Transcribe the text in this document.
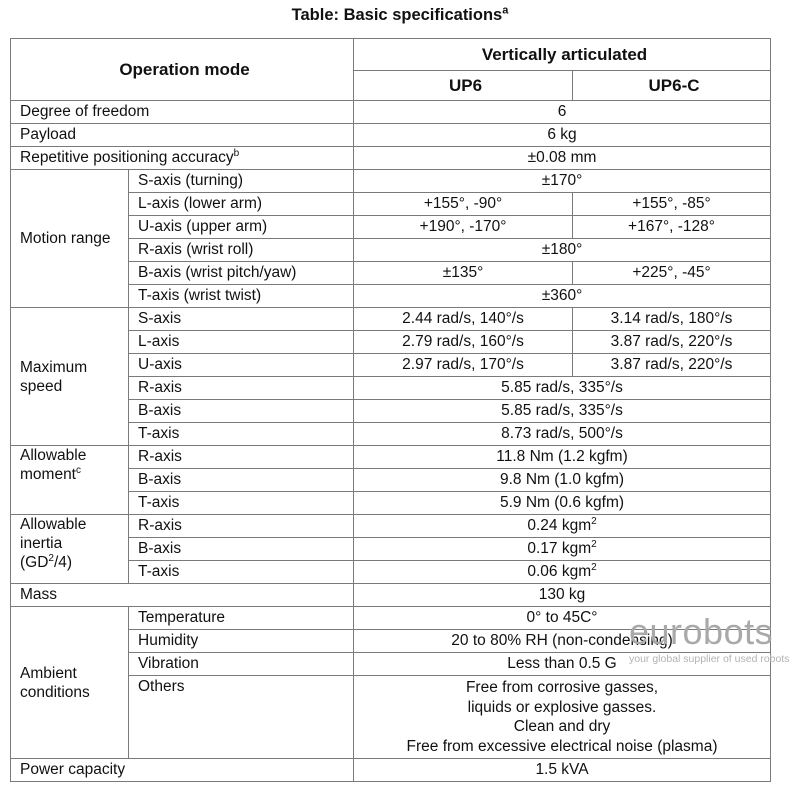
Table: Basic specifications$^a$
Operation mode		Vertically articulated	
		UP6	UP6-C
Degree of freedom		6	
Payload		6 kg	
Repetitive positioning accuracy$^b$		±0.08 mm	
Motion range	S-axis (turning)	±170°	
	L-axis (lower arm)	+155°, -90°	+155°, -85°
	U-axis (upper arm)	+190°, -170°	+167°, -128°
	R-axis (wrist roll)	±180°	
	B-axis (wrist pitch/yaw)	±135°	+225°, -45°
	T-axis (wrist twist)	±360°	
Maximum speed	S-axis	2.44 rad/s, 140°/s	3.14 rad/s, 180°/s
	L-axis	2.79 rad/s, 160°/s	3.87 rad/s, 220°/s
	U-axis	2.97 rad/s, 170°/s	3.87 rad/s, 220°/s
	R-axis	5.85 rad/s, 335°/s	
	B-axis	5.85 rad/s, 335°/s	
	T-axis	8.73 rad/s, 500°/s	
Allowable moment$^c$	R-axis	11.8 Nm (1.2 kgfm)	
	B-axis	9.8 Nm (1.0 kgfm)	
	T-axis	5.9 Nm (0.6 kgfm)	
Allowable
inertia
$(GD^2/4)$	R-axis	0.24 kgm$^2$
	B-axis	0.17 kgm$^2$
	T-axis	0.06 kgm$^2$
Mass		130 kg	
Ambient conditions	Temperature	0° to 45C°	
	Humidity	20 to 80% RH (non-condensing)	
	Vibration	Less than 0.5 G	
	Others	Free from corrosive gasses,
liquids or explosive gasses.
Clean and dry
Free from excessive electrical noise (plasma)	

Power capacity		1.5 kVA	
eurobots
your global supplier of used robots
